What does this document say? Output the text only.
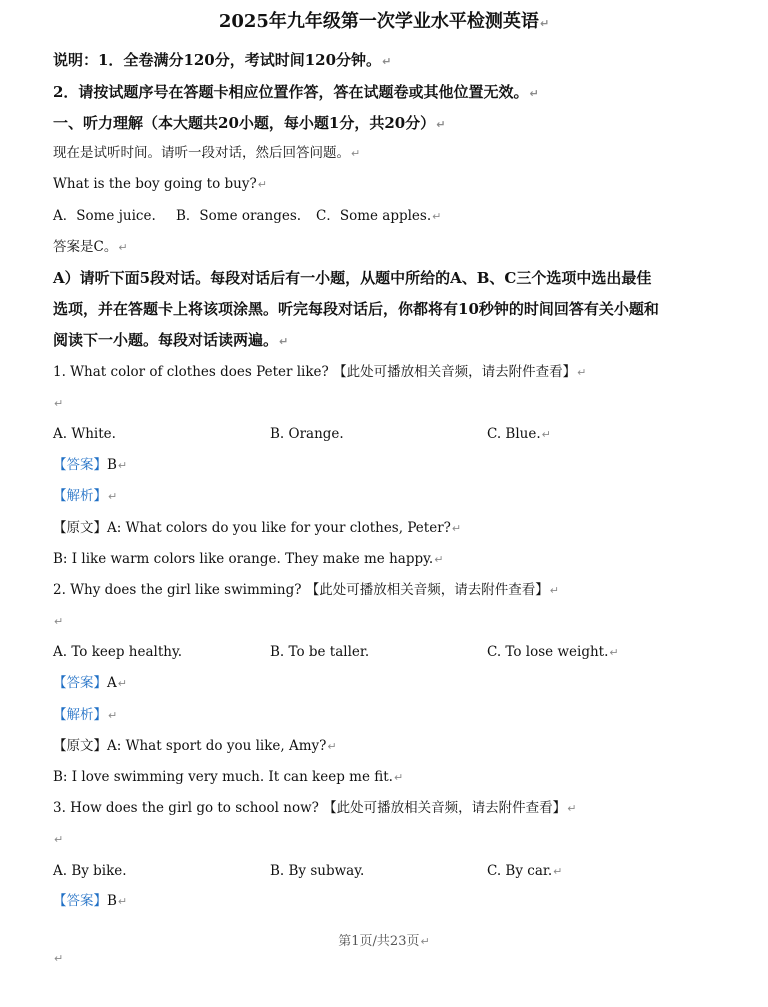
2025年九年级第一次学业水平检测英语↵
说明：1．全卷满分120分，考试时间120分钟。↵
2．请按试题序号在答题卡相应位置作答，答在试题卷或其他位置无效。↵
一、听力理解（本大题共20小题，每小题1分，共20分）↵
现在是试听时间。请听一段对话，然后回答问题。↵
What is the boy going to buy?↵
A．Some juice. B．Some oranges. C．Some apples.↵
答案是C。↵
A）请听下面5段对话。每段对话后有一小题，从题中所给的A、B、C三个选项中选出最佳
选项，并在答题卡上将该项涂黑。听完每段对话后，你都将有10秒钟的时间回答有关小题和
阅读下一小题。每段对话读两遍。↵
1. What color of clothes does Peter like? 【此处可播放相关音频，请去附件查看】↵
↵
A. White.	B. Orange.	C. Blue.↵
【答案】B↵
【解析】↵
【原文】A: What colors do you like for your clothes, Peter?↵
B: I like warm colors like orange. They make me happy.↵
2. Why does the girl like swimming? 【此处可播放相关音频，请去附件查看】↵
↵
A. To keep healthy.	B. To be taller.	C. To lose weight.↵
【答案】A↵
【解析】↵
【原文】A: What sport do you like, Amy?↵
B: I love swimming very much. It can keep me fit.↵
3. How does the girl go to school now? 【此处可播放相关音频，请去附件查看】↵
↵
A. By bike.	B. By subway.	C. By car.↵
【答案】B↵
第1页/共23页↵
↵
